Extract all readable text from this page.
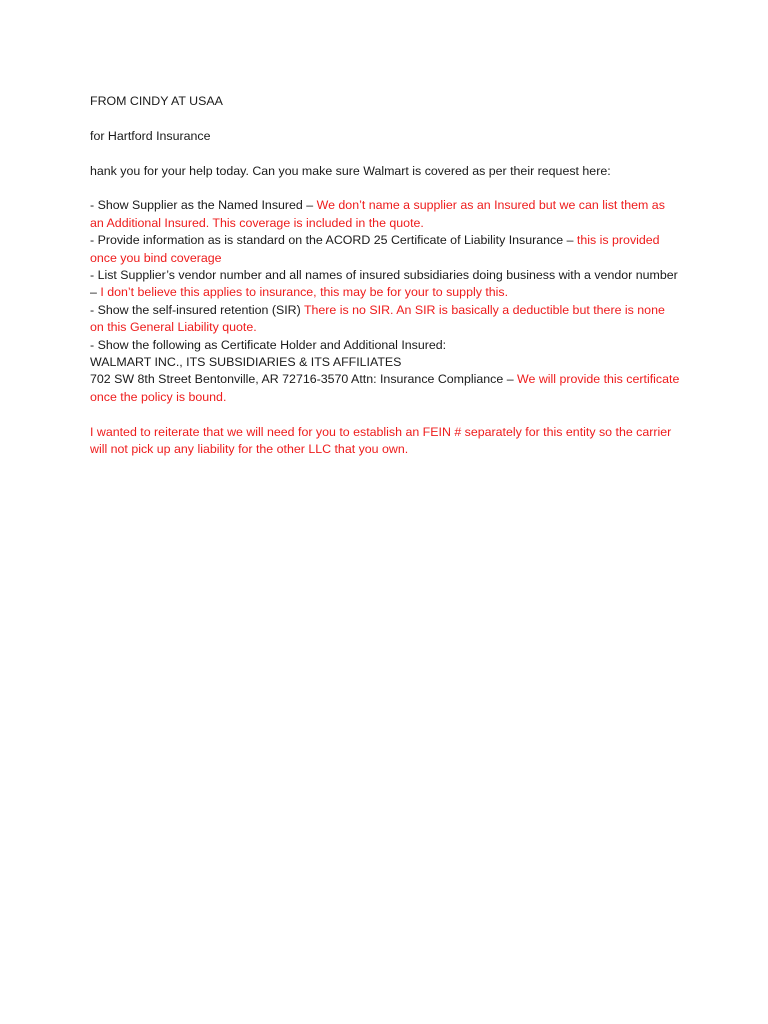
FROM CINDY AT USAA

for Hartford Insurance

hank you for your help today. Can you make sure Walmart is covered as per their request here:

- Show Supplier as the Named Insured – We don’t name a supplier as an Insured but we can list them as an Additional Insured. This coverage is included in the quote.

- Provide information as is standard on the ACORD 25 Certificate of Liability Insurance – this is provided once you bind coverage

- List Supplier’s vendor number and all names of insured subsidiaries doing business with a vendor number – I don’t believe this applies to insurance, this may be for your to supply this.

- Show the self-insured retention (SIR) There is no SIR. An SIR is basically a deductible but there is none on this General Liability quote.

- Show the following as Certificate Holder and Additional Insured:

WALMART INC., ITS SUBSIDIARIES & ITS AFFILIATES

702 SW 8th Street Bentonville, AR 72716-3570 Attn: Insurance Compliance – We will provide this certificate once the policy is bound.

I wanted to reiterate that we will need for you to establish an FEIN # separately for this entity so the carrier will not pick up any liability for the other LLC that you own.
